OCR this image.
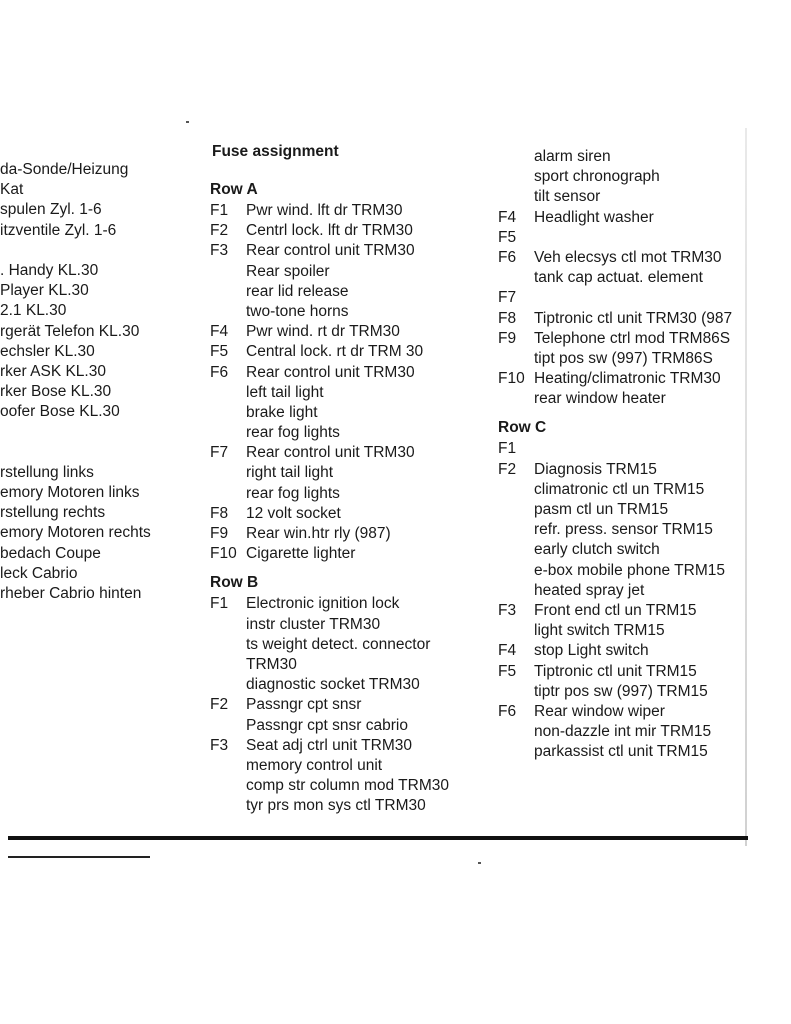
da-Sonde/Heizung
Kat
spulen Zyl. 1-6
itzventile Zyl. 1-6
. Handy KL.30
Player KL.30
2.1 KL.30
rgerät Telefon KL.30
echsler KL.30
rker ASK KL.30
rker Bose KL.30
oofer Bose KL.30
rstellung links
emory Motoren links
rstellung rechts
emory Motoren rechts
bedach Coupe
leck Cabrio
rheber Cabrio hinten
Fuse assignment
Row A
F1 Pwr wind. lft dr TRM30
F2 Centrl lock. lft dr TRM30
F3 Rear control unit TRM30
Rear spoiler
rear lid release
two-tone horns
F4 Pwr wind. rt dr TRM30
F5 Central lock. rt dr TRM 30
F6 Rear control unit TRM30
left tail light
brake light
rear fog lights
F7 Rear control unit TRM30
right tail light
rear fog lights
F8 12 volt socket
F9 Rear win.htr rly (987)
F10 Cigarette lighter
Row B
F1 Electronic ignition lock
instr cluster TRM30
ts weight detect. connector
TRM30
diagnostic socket TRM30
F2 Passngr cpt snsr
Passngr cpt snsr cabrio
F3 Seat adj ctrl unit TRM30
memory control unit
comp str column mod TRM30
tyr prs mon sys ctl TRM30
alarm siren
sport chronograph
tilt sensor
F4 Headlight washer
F5
F6 Veh elecsys ctl mot TRM30
tank cap actuat. element
F7
F8 Tiptronic ctl unit TRM30 (987
F9 Telephone ctrl mod TRM86S
tipt pos sw (997) TRM86S
F10 Heating/climatronic TRM30
rear window heater
Row C
F1
F2 Diagnosis TRM15
climatronic ctl un TRM15
pasm ctl un TRM15
refr. press. sensor TRM15
early clutch switch
e-box mobile phone TRM15
heated spray jet
F3 Front end ctl un TRM15
light switch TRM15
F4 stop Light switch
F5 Tiptronic ctl unit TRM15
tiptr pos sw (997) TRM15
F6 Rear window wiper
non-dazzle int mir TRM15
parkassist ctl unit TRM15
